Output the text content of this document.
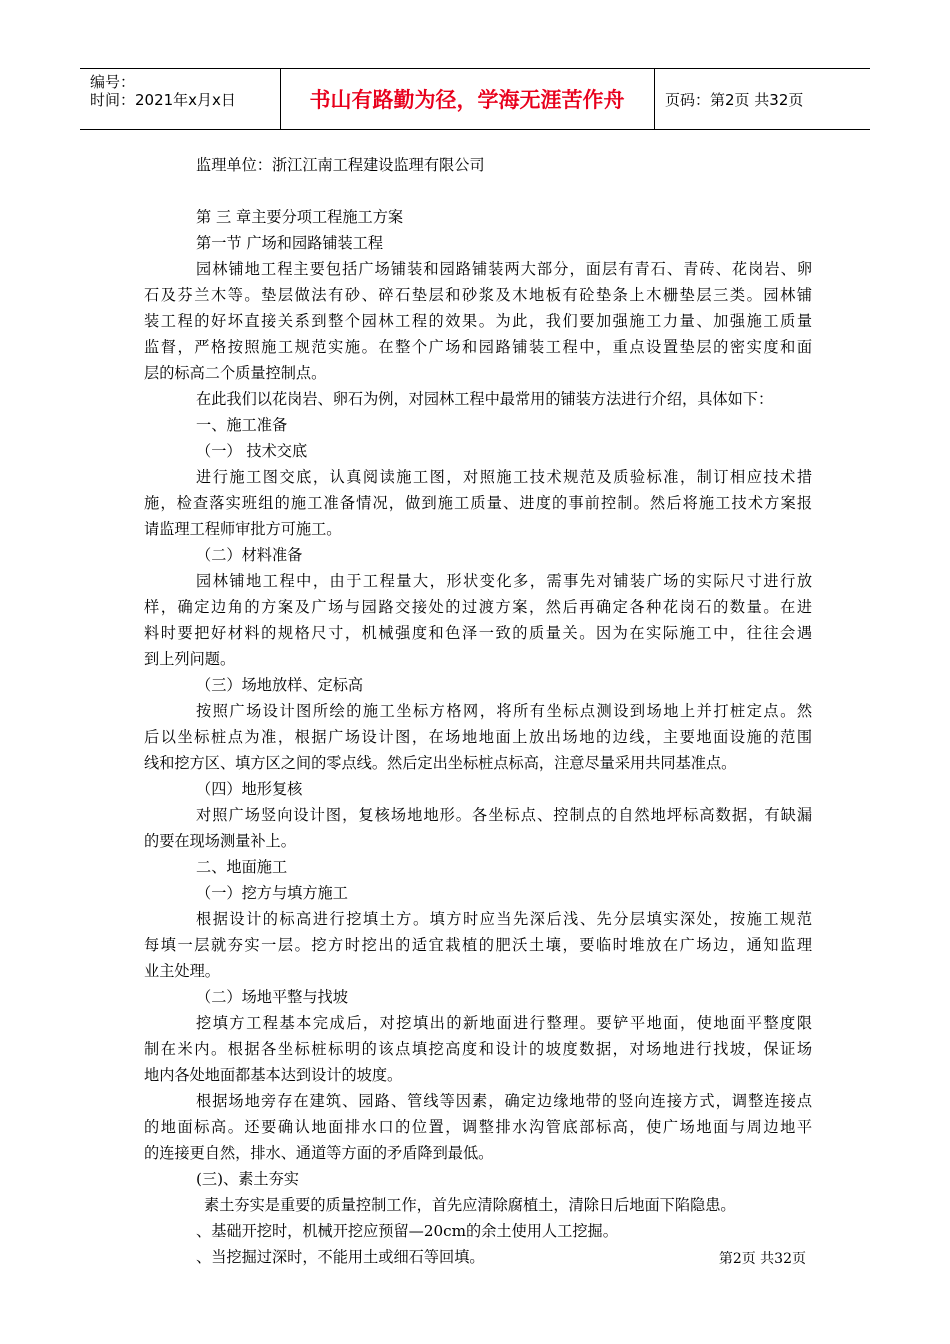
编号：
时间：2021年x月x日	书山有路勤为径，学海无涯苦作舟	页码：第2页 共32页
监理单位：浙江江南工程建设监理有限公司
第 三 章主要分项工程施工方案
第一节 广场和园路铺装工程
园林铺地工程主要包括广场铺装和园路铺装两大部分，面层有青石、青砖、花岗岩、卵
石及芬兰木等。垫层做法有砂、碎石垫层和砂浆及木地板有砼垫条上木栅垫层三类。园林铺
装工程的好坏直接关系到整个园林工程的效果。为此，我们要加强施工力量、加强施工质量
监督，严格按照施工规范实施。在整个广场和园路铺装工程中，重点设置垫层的密实度和面
层的标高二个质量控制点。
在此我们以花岗岩、卵石为例，对园林工程中最常用的铺装方法进行介绍，具体如下：
一、施工准备
（一） 技术交底
进行施工图交底，认真阅读施工图，对照施工技术规范及质验标准，制订相应技术措
施，检查落实班组的施工准备情况，做到施工质量、进度的事前控制。然后将施工技术方案报
请监理工程师审批方可施工。
（二）材料准备
园林铺地工程中，由于工程量大，形状变化多，需事先对铺装广场的实际尺寸进行放
样，确定边角的方案及广场与园路交接处的过渡方案，然后再确定各种花岗石的数量。在进
料时要把好材料的规格尺寸，机械强度和色泽一致的质量关。因为在实际施工中，往往会遇
到上列问题。
（三）场地放样、定标高
按照广场设计图所绘的施工坐标方格网，将所有坐标点测设到场地上并打桩定点。然
后以坐标桩点为准，根据广场设计图，在场地地面上放出场地的边线，主要地面设施的范围
线和挖方区、填方区之间的零点线。然后定出坐标桩点标高，注意尽量采用共同基准点。
（四）地形复核
对照广场竖向设计图，复核场地地形。各坐标点、控制点的自然地坪标高数据，有缺漏
的要在现场测量补上。
二、地面施工
（一）挖方与填方施工
根据设计的标高进行挖填土方。填方时应当先深后浅、先分层填实深处，按施工规范
每填一层就夯实一层。挖方时挖出的适宜栽植的肥沃土壤，要临时堆放在广场边，通知监理
业主处理。
（二）场地平整与找坡
挖填方工程基本完成后，对挖填出的新地面进行整理。要铲平地面，使地面平整度限
制在米内。根据各坐标桩标明的该点填挖高度和设计的坡度数据，对场地进行找坡，保证场
地内各处地面都基本达到设计的坡度。
根据场地旁存在建筑、园路、管线等因素，确定边缘地带的竖向连接方式，调整连接点
的地面标高。还要确认地面排水口的位置，调整排水沟管底部标高，使广场地面与周边地平
的连接更自然，排水、通道等方面的矛盾降到最低。
(三)、素土夯实
素土夯实是重要的质量控制工作，首先应清除腐植土，清除日后地面下陷隐患。
、基础开挖时，机械开挖应预留—20cm的余土使用人工挖掘。
、当挖掘过深时，不能用土或细石等回填。	第2页 共32页
